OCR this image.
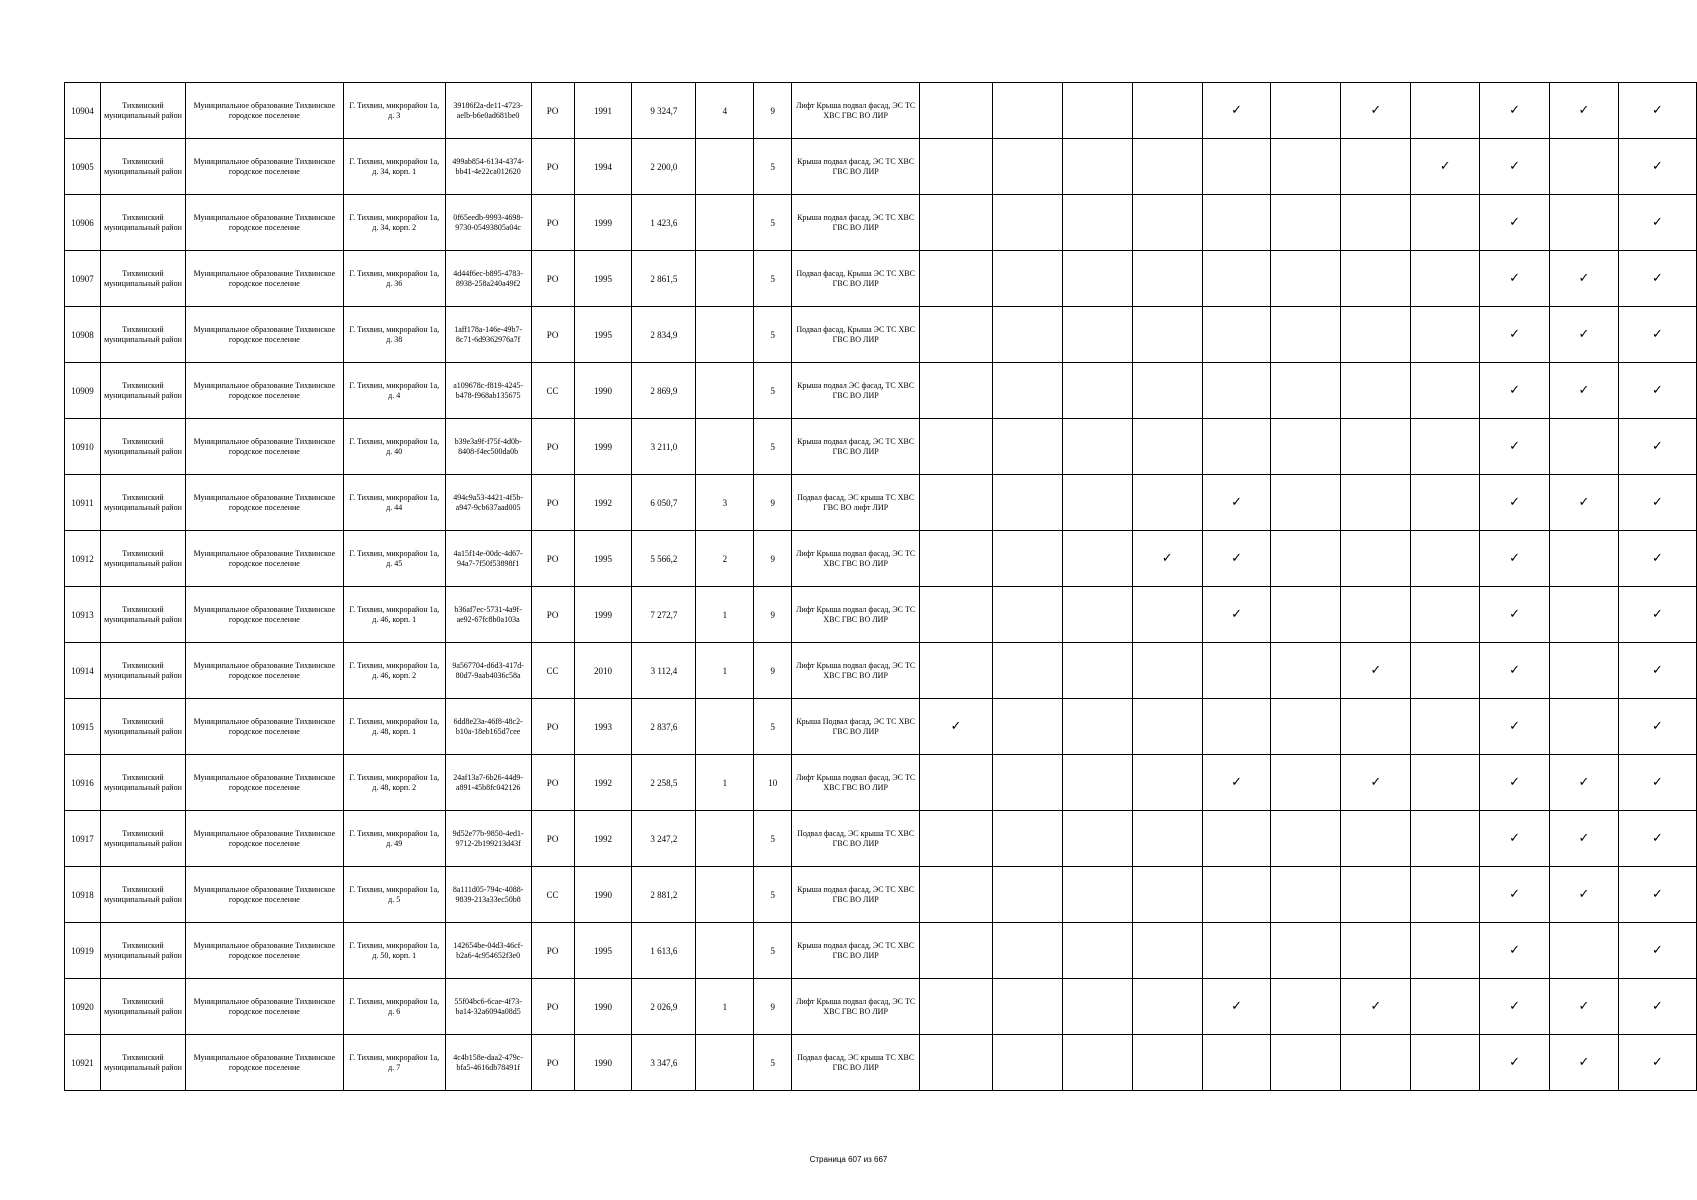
10904	Тихвинский муниципальный район	Муниципальное образование Тихвинское городское поселение	Г. Тихвин, микрорайон 1а, д. 3	39186f2a-de11-4723-aelb-b6e0ad681be0	РО	1991	9 324,7	4	9	Лифт Крыша подвал фасад, ЭС ТС ХВС ГВС ВО ЛИР					✓		✓		✓	✓	✓
10905	Тихвинский муниципальный район	Муниципальное образование Тихвинское городское поселение	Г. Тихвин, микрорайон 1а, д. 34, корп. 1	499ab854-6134-4374-bb41-4e22ca012620	РО	1994	2 200,0		5	Крыша подвал фасад, ЭС ТС ХВС ГВС ВО ЛИР								✓	✓		✓
10906	Тихвинский муниципальный район	Муниципальное образование Тихвинское городское поселение	Г. Тихвин, микрорайон 1а, д. 34, корп. 2	0f65eedb-9993-4698-9730-05493805a04c	РО	1999	1 423,6		5	Крыша подвал фасад, ЭС ТС ХВС ГВС ВО ЛИР									✓		✓
10907	Тихвинский муниципальный район	Муниципальное образование Тихвинское городское поселение	Г. Тихвин, микрорайон 1а, д. 36	4d44f6ec-b895-4783-8938-258a240a49f2	РО	1995	2 861,5		5	Подвал фасад, Крыша ЭС ТС ХВС ГВС ВО ЛИР									✓	✓	✓
10908	Тихвинский муниципальный район	Муниципальное образование Тихвинское городское поселение	Г. Тихвин, микрорайон 1а, д. 38	1aff178a-146e-49b7-8c71-6d9362976a7f	РО	1995	2 834,9		5	Подвал фасад, Крыша ЭС ТС ХВС ГВС ВО ЛИР									✓	✓	✓
10909	Тихвинский муниципальный район	Муниципальное образование Тихвинское городское поселение	Г. Тихвин, микрорайон 1а, д. 4	a109678c-f819-4245-b478-f968ab135675	СС	1990	2 869,9		5	Крыша подвал ЭС фасад, ТС ХВС ГВС ВО ЛИР									✓	✓	✓
10910	Тихвинский муниципальный район	Муниципальное образование Тихвинское городское поселение	Г. Тихвин, микрорайон 1а, д. 40	b39e3a9f-f75f-4d0b-8408-f4ec500da0b	РО	1999	3 211,0		5	Крыша подвал фасад, ЭС ТС ХВС ГВС ВО ЛИР									✓		✓
10911	Тихвинский муниципальный район	Муниципальное образование Тихвинское городское поселение	Г. Тихвин, микрорайон 1а, д. 44	494c9a53-4421-4f5b-a947-9cb637aad005	РО	1992	6 050,7	3	9	Подвал фасад, ЭС крыша ТС ХВС ГВС ВО лифт ЛИР					✓				✓	✓	✓
10912	Тихвинский муниципальный район	Муниципальное образование Тихвинское городское поселение	Г. Тихвин, микрорайон 1а, д. 45	4a15f14e-00dc-4d67-94a7-7f50f53898f1	РО	1995	5 566,2	2	9	Лифт Крыша подвал фасад, ЭС ТС ХВС ГВС ВО ЛИР				✓	✓				✓		✓
10913	Тихвинский муниципальный район	Муниципальное образование Тихвинское городское поселение	Г. Тихвин, микрорайон 1а, д. 46, корп. 1	b36af7ec-5731-4a9f-ae92-67fc8b0a103a	РО	1999	7 272,7	1	9	Лифт Крыша подвал фасад, ЭС ТС ХВС ГВС ВО ЛИР					✓				✓		✓
10914	Тихвинский муниципальный район	Муниципальное образование Тихвинское городское поселение	Г. Тихвин, микрорайон 1а, д. 46, корп. 2	9a567704-d6d3-417d-80d7-9aab4036c58a	СС	2010	3 112,4	1	9	Лифт Крыша подвал фасад, ЭС ТС ХВС ГВС ВО ЛИР							✓		✓		✓
10915	Тихвинский муниципальный район	Муниципальное образование Тихвинское городское поселение	Г. Тихвин, микрорайон 1а, д. 48, корп. 1	6dd8e23a-46f8-48c2-b10a-18eb165d7cee	РО	1993	2 837,6		5	Крыша Подвал фасад, ЭС ТС ХВС ГВС ВО ЛИР	✓								✓		✓
10916	Тихвинский муниципальный район	Муниципальное образование Тихвинское городское поселение	Г. Тихвин, микрорайон 1а, д. 48, корп. 2	24af13a7-6b26-44d9-a891-45b8fc042126	РО	1992	2 258,5	1	10	Лифт Крыша подвал фасад, ЭС ТС ХВС ГВС ВО ЛИР					✓		✓		✓	✓	✓
10917	Тихвинский муниципальный район	Муниципальное образование Тихвинское городское поселение	Г. Тихвин, микрорайон 1а, д. 49	9d52e77b-9850-4ed1-9712-2b199213d43f	РО	1992	3 247,2		5	Подвал фасад, ЭС крыша ТС ХВС ГВС ВО ЛИР									✓	✓	✓
10918	Тихвинский муниципальный район	Муниципальное образование Тихвинское городское поселение	Г. Тихвин, микрорайон 1а, д. 5	8a111d05-794c-4088-9839-213a33ec50b8	СС	1990	2 881,2		5	Крыша подвал фасад, ЭС ТС ХВС ГВС ВО ЛИР									✓	✓	✓
10919	Тихвинский муниципальный район	Муниципальное образование Тихвинское городское поселение	Г. Тихвин, микрорайон 1а, д. 50, корп. 1	142654be-04d3-46cf-b2a6-4c954652f3e0	РО	1995	1 613,6		5	Крыша подвал фасад, ЭС ТС ХВС ГВС ВО ЛИР									✓		✓
10920	Тихвинский муниципальный район	Муниципальное образование Тихвинское городское поселение	Г. Тихвин, микрорайон 1а, д. 6	55f04bc6-6cae-4f73-ba14-32a6094a08d5	РО	1990	2 026,9	1	9	Лифт Крыша подвал фасад, ЭС ТС ХВС ГВС ВО ЛИР					✓		✓		✓	✓	✓
10921	Тихвинский муниципальный район	Муниципальное образование Тихвинское городское поселение	Г. Тихвин, микрорайон 1а, д. 7	4c4b158e-daa2-479c-bfa5-4616db78491f	РО	1990	3 347,6		5	Подвал фасад, ЭС крыша ТС ХВС ГВС ВО ЛИР									✓	✓	✓
Страница 607 из 667
